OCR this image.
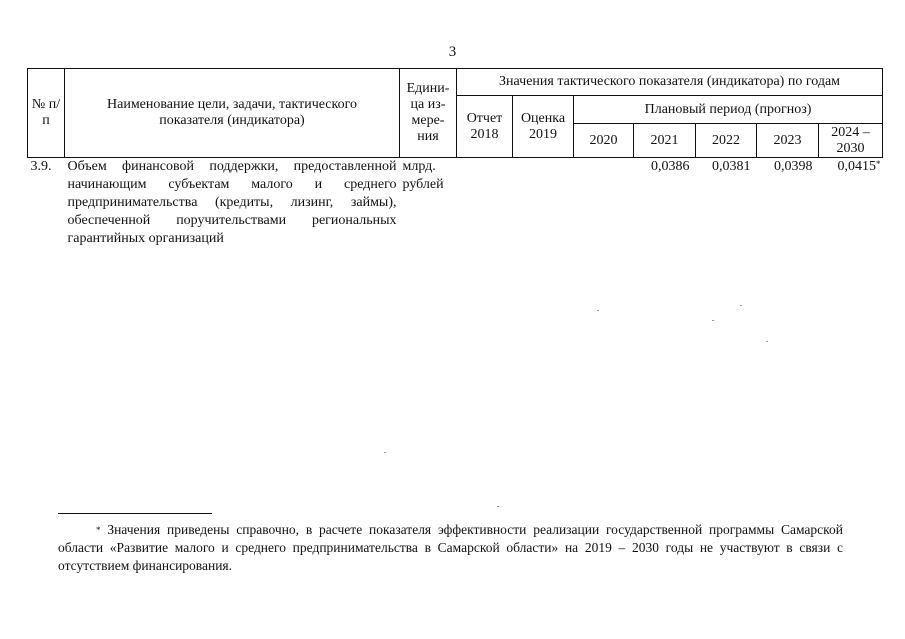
3
№ п/п	Наименование цели, задачи, тактического показателя (индикатора)	Едини-ца из-мере-ния	Значения тактического показателя (индикатора) по годам						
			Отчет 2018	Оценка 2019	Плановый период (прогноз)				
					2020	2021	2022	2023	2024 – 2030
3.9.	Объем финансовой поддержки, предоставленной начинающим субъектам малого и среднего предпринимательства (кредиты, лизинг, займы), обеспеченной поручительствами региональных гарантийных организаций	млрд. рублей				0,0386	0,0381	0,0398	0,0415*
* Значения приведены справочно, в расчете показателя эффективности реализации государственной программы Самарской области «Развитие малого и среднего предпринимательства в Самарской области» на 2019 – 2030 годы не участвуют в связи с отсутствием финансирования.
